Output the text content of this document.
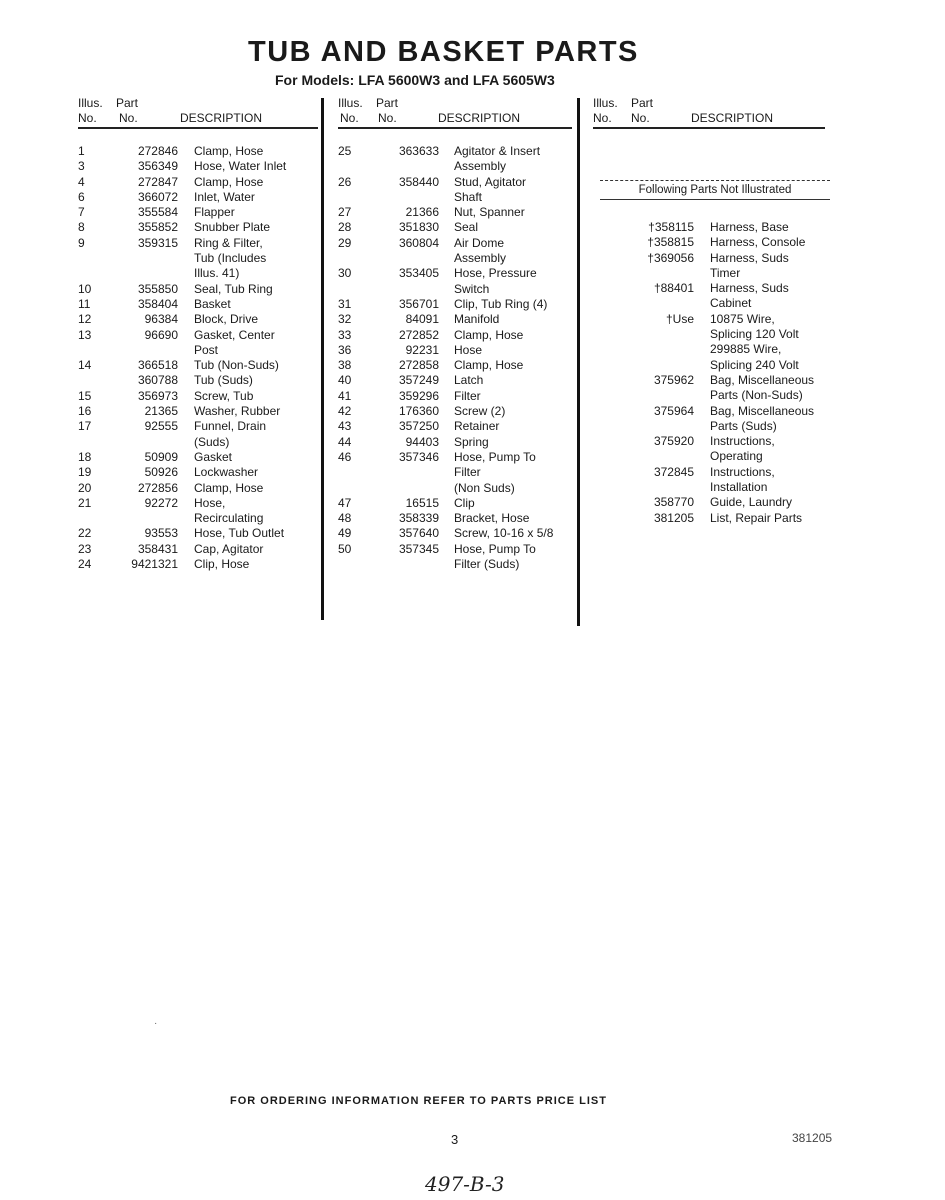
TUB AND BASKET PARTS
For Models: LFA 5600W3 and LFA 5605W3
Illus. Part
No. No.	DESCRIPTION
1	272846 Clamp, Hose
3	356349 Hose, Water Inlet
4	272847 Clamp, Hose
6	366072 Inlet, Water
7	355584 Flapper
8	355852 Snubber Plate
9	359315 Ring & Filter,
Tub (Includes
Illus. 41)
10	355850 Seal, Tub Ring
11	358404 Basket
12	96384 Block, Drive
13	96690 Gasket, Center
Post
14	366518 Tub (Non-Suds)
360788 Tub (Suds)
15	356973 Screw, Tub
16	21365 Washer, Rubber
17	92555 Funnel, Drain
(Suds)
18	50909 Gasket
19	50926 Lockwasher
20	272856 Clamp, Hose
21	92272 Hose,
Recirculating
22	93553 Hose, Tub Outlet
23	358431 Cap, Agitator
24	9421321 Clip, Hose
Illus. Part
No. No.	DESCRIPTION
25	363633 Agitator & Insert
Assembly
26	358440 Stud, Agitator
Shaft
27	21366 Nut, Spanner
28	351830 Seal
29	360804 Air Dome
Assembly
30	353405 Hose, Pressure
Switch
31	356701 Clip, Tub Ring (4)
32	84091 Manifold
33	272852 Clamp, Hose
36	92231 Hose
38	272858 Clamp, Hose
40	357249 Latch
41	359296 Filter
42	176360 Screw (2)
43	357250 Retainer
44	94403 Spring
46	357346 Hose, Pump To
Filter
(Non Suds)
47	16515 Clip
48	358339 Bracket, Hose
49	357640 Screw, 10-16 x 5/8
50	357345 Hose, Pump To
Filter (Suds)
Illus. Part
No. No.	DESCRIPTION
†358115 Harness, Base
†358815 Harness, Console
†369056 Harness, Suds
Timer
†88401 Harness, Suds
Cabinet
†Use 10875 Wire,
Splicing 120 Volt
299885 Wire,
Splicing 240 Volt
375962 Bag, Miscellaneous
Parts (Non-Suds)
375964 Bag, Miscellaneous
Parts (Suds)
375920 Instructions,
Operating
372845 Instructions,
Installation
358770 Guide, Laundry
381205 List, Repair Parts
Following Parts Not Illustrated
·
FOR ORDERING INFORMATION REFER TO PARTS PRICE LIST
3	381205
497-B-3
